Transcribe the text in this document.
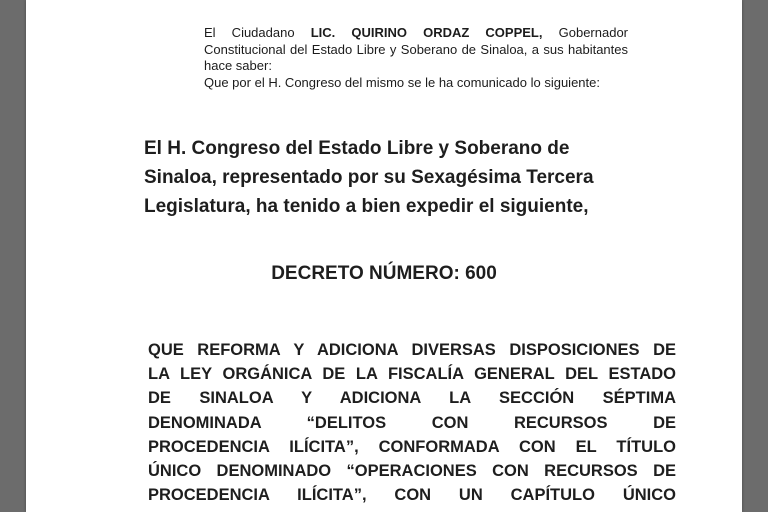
El Ciudadano LIC. QUIRINO ORDAZ COPPEL, Gobernador Constitucional del Estado Libre y Soberano de Sinaloa, a sus habitantes hace saber:

Que por el H. Congreso del mismo se le ha comunicado lo siguiente:

El H. Congreso del Estado Libre y Soberano de
Sinaloa, representado por su Sexagésima Tercera
Legislatura, ha tenido a bien expedir el siguiente,
DECRETO NÚMERO: 600
QUE REFORMA Y ADICIONA DIVERSAS DISPOSICIONES DE
LA LEY ORGÁNICA DE LA FISCALÍA GENERAL DEL ESTADO
DE SINALOA Y ADICIONA LA SECCIÓN SÉPTIMA
DENOMINADA “DELITOS CON RECURSOS DE
PROCEDENCIA ILÍCITA”, CONFORMADA CON EL TÍTULO
ÚNICO DENOMINADO “OPERACIONES CON RECURSOS DE
PROCEDENCIA ILÍCITA”, CON UN CAPÍTULO ÚNICO
